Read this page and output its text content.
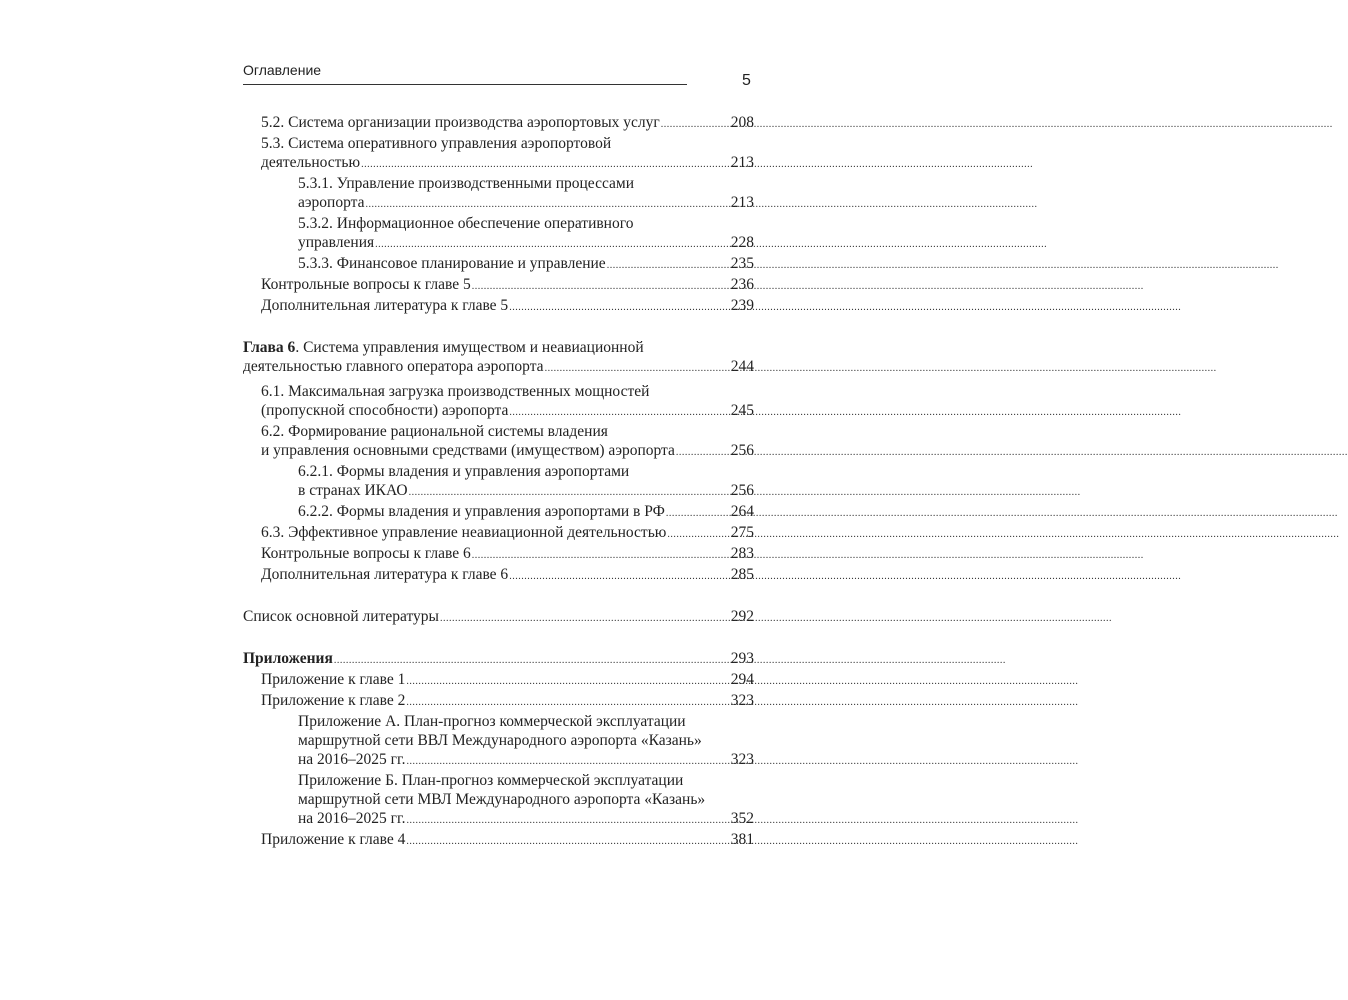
Оглавление
5
5.2. Система организации производства аэропортовых услуг .....	208
5.3. Система оперативного управления аэропортовой
деятельностью .....	213
5.3.1. Управление производственными процессами
аэропорта .....	213
5.3.2. Информационное обеспечение оперативного
управления .....	228
5.3.3. Финансовое планирование и управление .....	235
Контрольные вопросы к главе 5 .....	236
Дополнительная литература к главе 5 .....	239
Глава 6. Система управления имуществом и неавиационной
деятельностью главного оператора аэропорта .....	244
6.1. Максимальная загрузка производственных мощностей
(пропускной способности) аэропорта .....	245
6.2. Формирование рациональной системы владения
и управления основными средствами (имуществом) аэропорта .....	256
6.2.1. Формы владения и управления аэропортами
в странах ИКАО .....	256
6.2.2. Формы владения и управления аэропортами в РФ .....	264
6.3. Эффективное управление неавиационной деятельностью .....	275
Контрольные вопросы к главе 6 .....	283
Дополнительная литература к главе 6 .....	285
Список основной литературы .....	292
Приложения .....	293
Приложение к главе 1 .....	294
Приложение к главе 2 .....	323
Приложение А. План-прогноз коммерческой эксплуатации
маршрутной сети ВВЛ Международного аэропорта «Казань»
на 2016–2025 гг. .....	323
Приложение Б. План-прогноз коммерческой эксплуатации
маршрутной сети МВЛ Международного аэропорта «Казань»
на 2016–2025 гг. .....	352
Приложение к главе 4 .....	381
